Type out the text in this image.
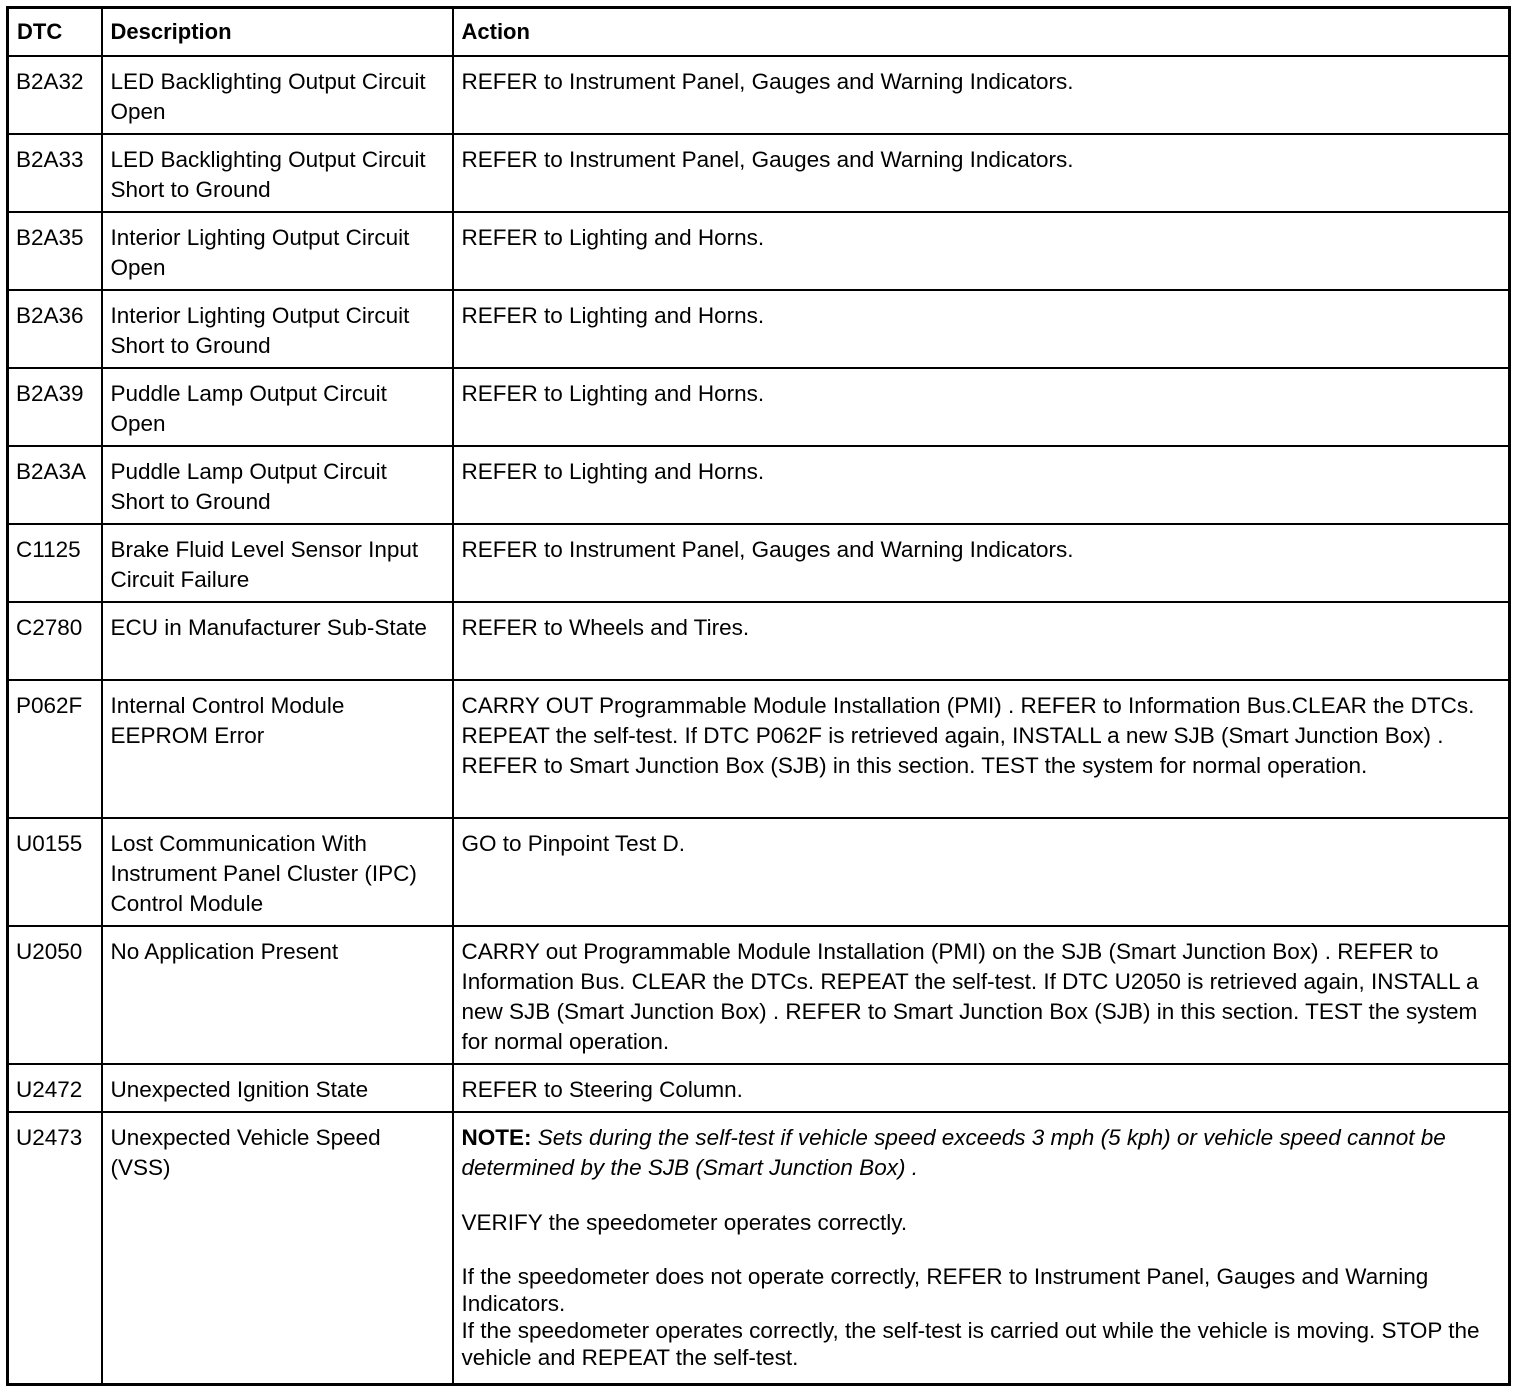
DTC	Description	Action
B2A32	LED Backlighting Output Circuit Open	REFER to Instrument Panel, Gauges and Warning Indicators.
B2A33	LED Backlighting Output Circuit Short to Ground	REFER to Instrument Panel, Gauges and Warning Indicators.
B2A35	Interior Lighting Output Circuit Open	REFER to Lighting and Horns.
B2A36	Interior Lighting Output Circuit Short to Ground	REFER to Lighting and Horns.
B2A39	Puddle Lamp Output Circuit Open	REFER to Lighting and Horns.
B2A3A	Puddle Lamp Output Circuit Short to Ground	REFER to Lighting and Horns.
C1125	Brake Fluid Level Sensor Input Circuit Failure	REFER to Instrument Panel, Gauges and Warning Indicators.
C2780	ECU in Manufacturer Sub-State	REFER to Wheels and Tires.
P062F	Internal Control Module EEPROM Error	CARRY OUT Programmable Module Installation (PMI) . REFER to Information Bus.CLEAR the DTCs. REPEAT the self-test. If DTC P062F is retrieved again, INSTALL a new SJB (Smart Junction Box) . REFER to Smart Junction Box (SJB) in this section. TEST the system for normal operation.
U0155	Lost Communication With Instrument Panel Cluster (IPC) Control Module	GO to Pinpoint Test D.
U2050	No Application Present	CARRY out Programmable Module Installation (PMI) on the SJB (Smart Junction Box) . REFER to Information Bus. CLEAR the DTCs. REPEAT the self-test. If DTC U2050 is retrieved again, INSTALL a new SJB (Smart Junction Box) . REFER to Smart Junction Box (SJB) in this section. TEST the system for normal operation.
U2472	Unexpected Ignition State	REFER to Steering Column.
U2473	Unexpected Vehicle Speed (VSS)	NOTE: Sets during the self-test if vehicle speed exceeds 3 mph (5 kph) or vehicle speed cannot be determined by the SJB (Smart Junction Box) .
VERIFY the speedometer operates correctly.
If the speedometer does not operate correctly, REFER to Instrument Panel, Gauges and Warning Indicators.
If the speedometer operates correctly, the self-test is carried out while the vehicle is moving. STOP the vehicle and REPEAT the self-test.
